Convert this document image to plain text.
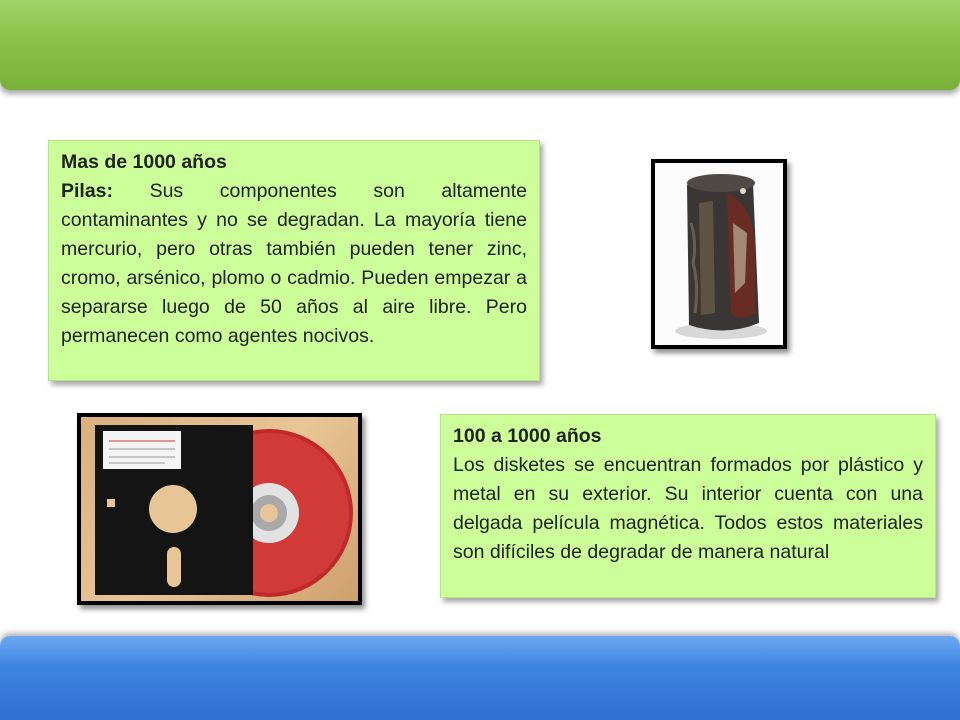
Mas de 1000 años
Pilas: Sus componentes son altamente contaminantes y no se degradan. La mayoría tiene mercurio, pero otras también pueden tener zinc, cromo, arsénico, plomo o cadmio. Pueden empezar a separarse luego de 50 años al aire libre. Pero permanecen como agentes nocivos.
100 a 1000 años
Los disketes se encuentran formados por plástico y metal en su exterior. Su interior cuenta con una delgada película magnética. Todos estos materiales son difíciles de degradar de manera natural
